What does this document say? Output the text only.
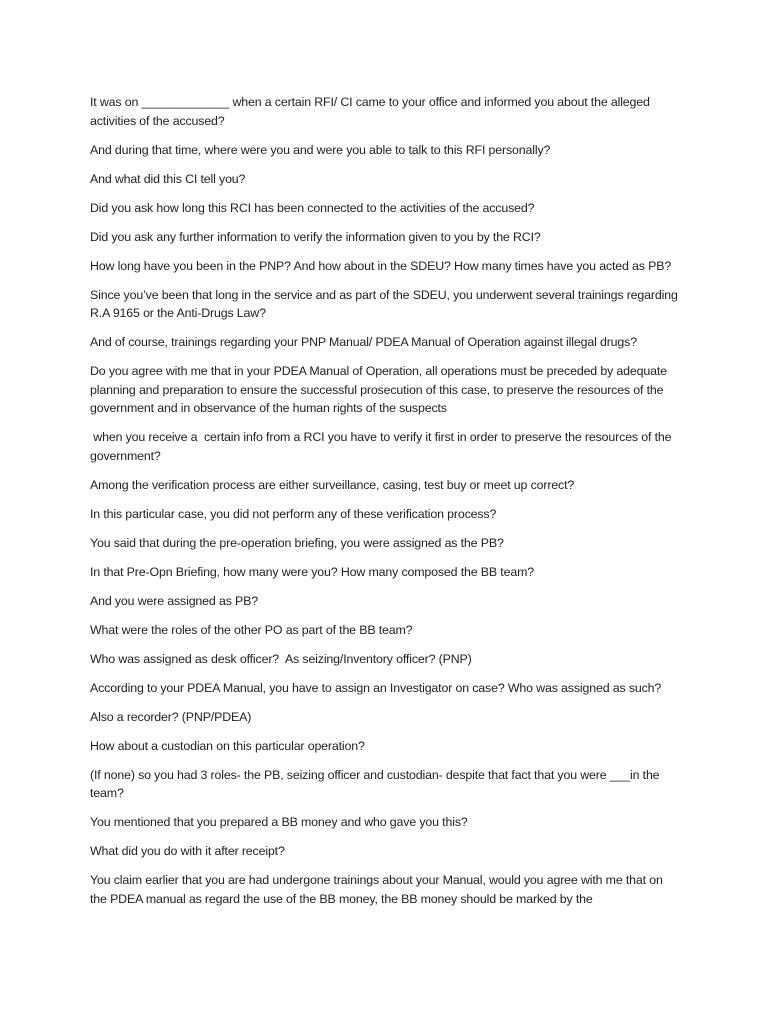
It was on _____________ when a certain RFI/ CI came to your office and informed you about the alleged activities of the accused?

And during that time, where were you and were you able to talk to this RFI personally?

And what did this CI tell you?

Did you ask how long this RCI has been connected to the activities of the accused?

Did you ask any further information to verify the information given to you by the RCI?

How long have you been in the PNP? And how about in the SDEU? How many times have you acted as PB?

Since you’ve been that long in the service and as part of the SDEU, you underwent several trainings regarding R.A 9165 or the Anti-Drugs Law?

And of course, trainings regarding your PNP Manual/ PDEA Manual of Operation against illegal drugs?

Do you agree with me that in your PDEA Manual of Operation, all operations must be preceded by adequate planning and preparation to ensure the successful prosecution of this case, to preserve the resources of the government and in observance of the human rights of the suspects

when you receive a  certain info from a RCI you have to verify it first in order to preserve the resources of the government?

Among the verification process are either surveillance, casing, test buy or meet up correct?

In this particular case, you did not perform any of these verification process?

You said that during the pre-operation briefing, you were assigned as the PB?

In that Pre-Opn Briefing, how many were you? How many composed the BB team?

And you were assigned as PB?

What were the roles of the other PO as part of the BB team?

Who was assigned as desk officer?  As seizing/Inventory officer? (PNP)

According to your PDEA Manual, you have to assign an Investigator on case? Who was assigned as such?

Also a recorder? (PNP/PDEA)

How about a custodian on this particular operation?

(If none) so you had 3 roles- the PB, seizing officer and custodian- despite that fact that you were ___in the team?

You mentioned that you prepared a BB money and who gave you this?

What did you do with it after receipt?

You claim earlier that you are had undergone trainings about your Manual, would you agree with me that on the PDEA manual as regard the use of the BB money, the BB money should be marked by the
